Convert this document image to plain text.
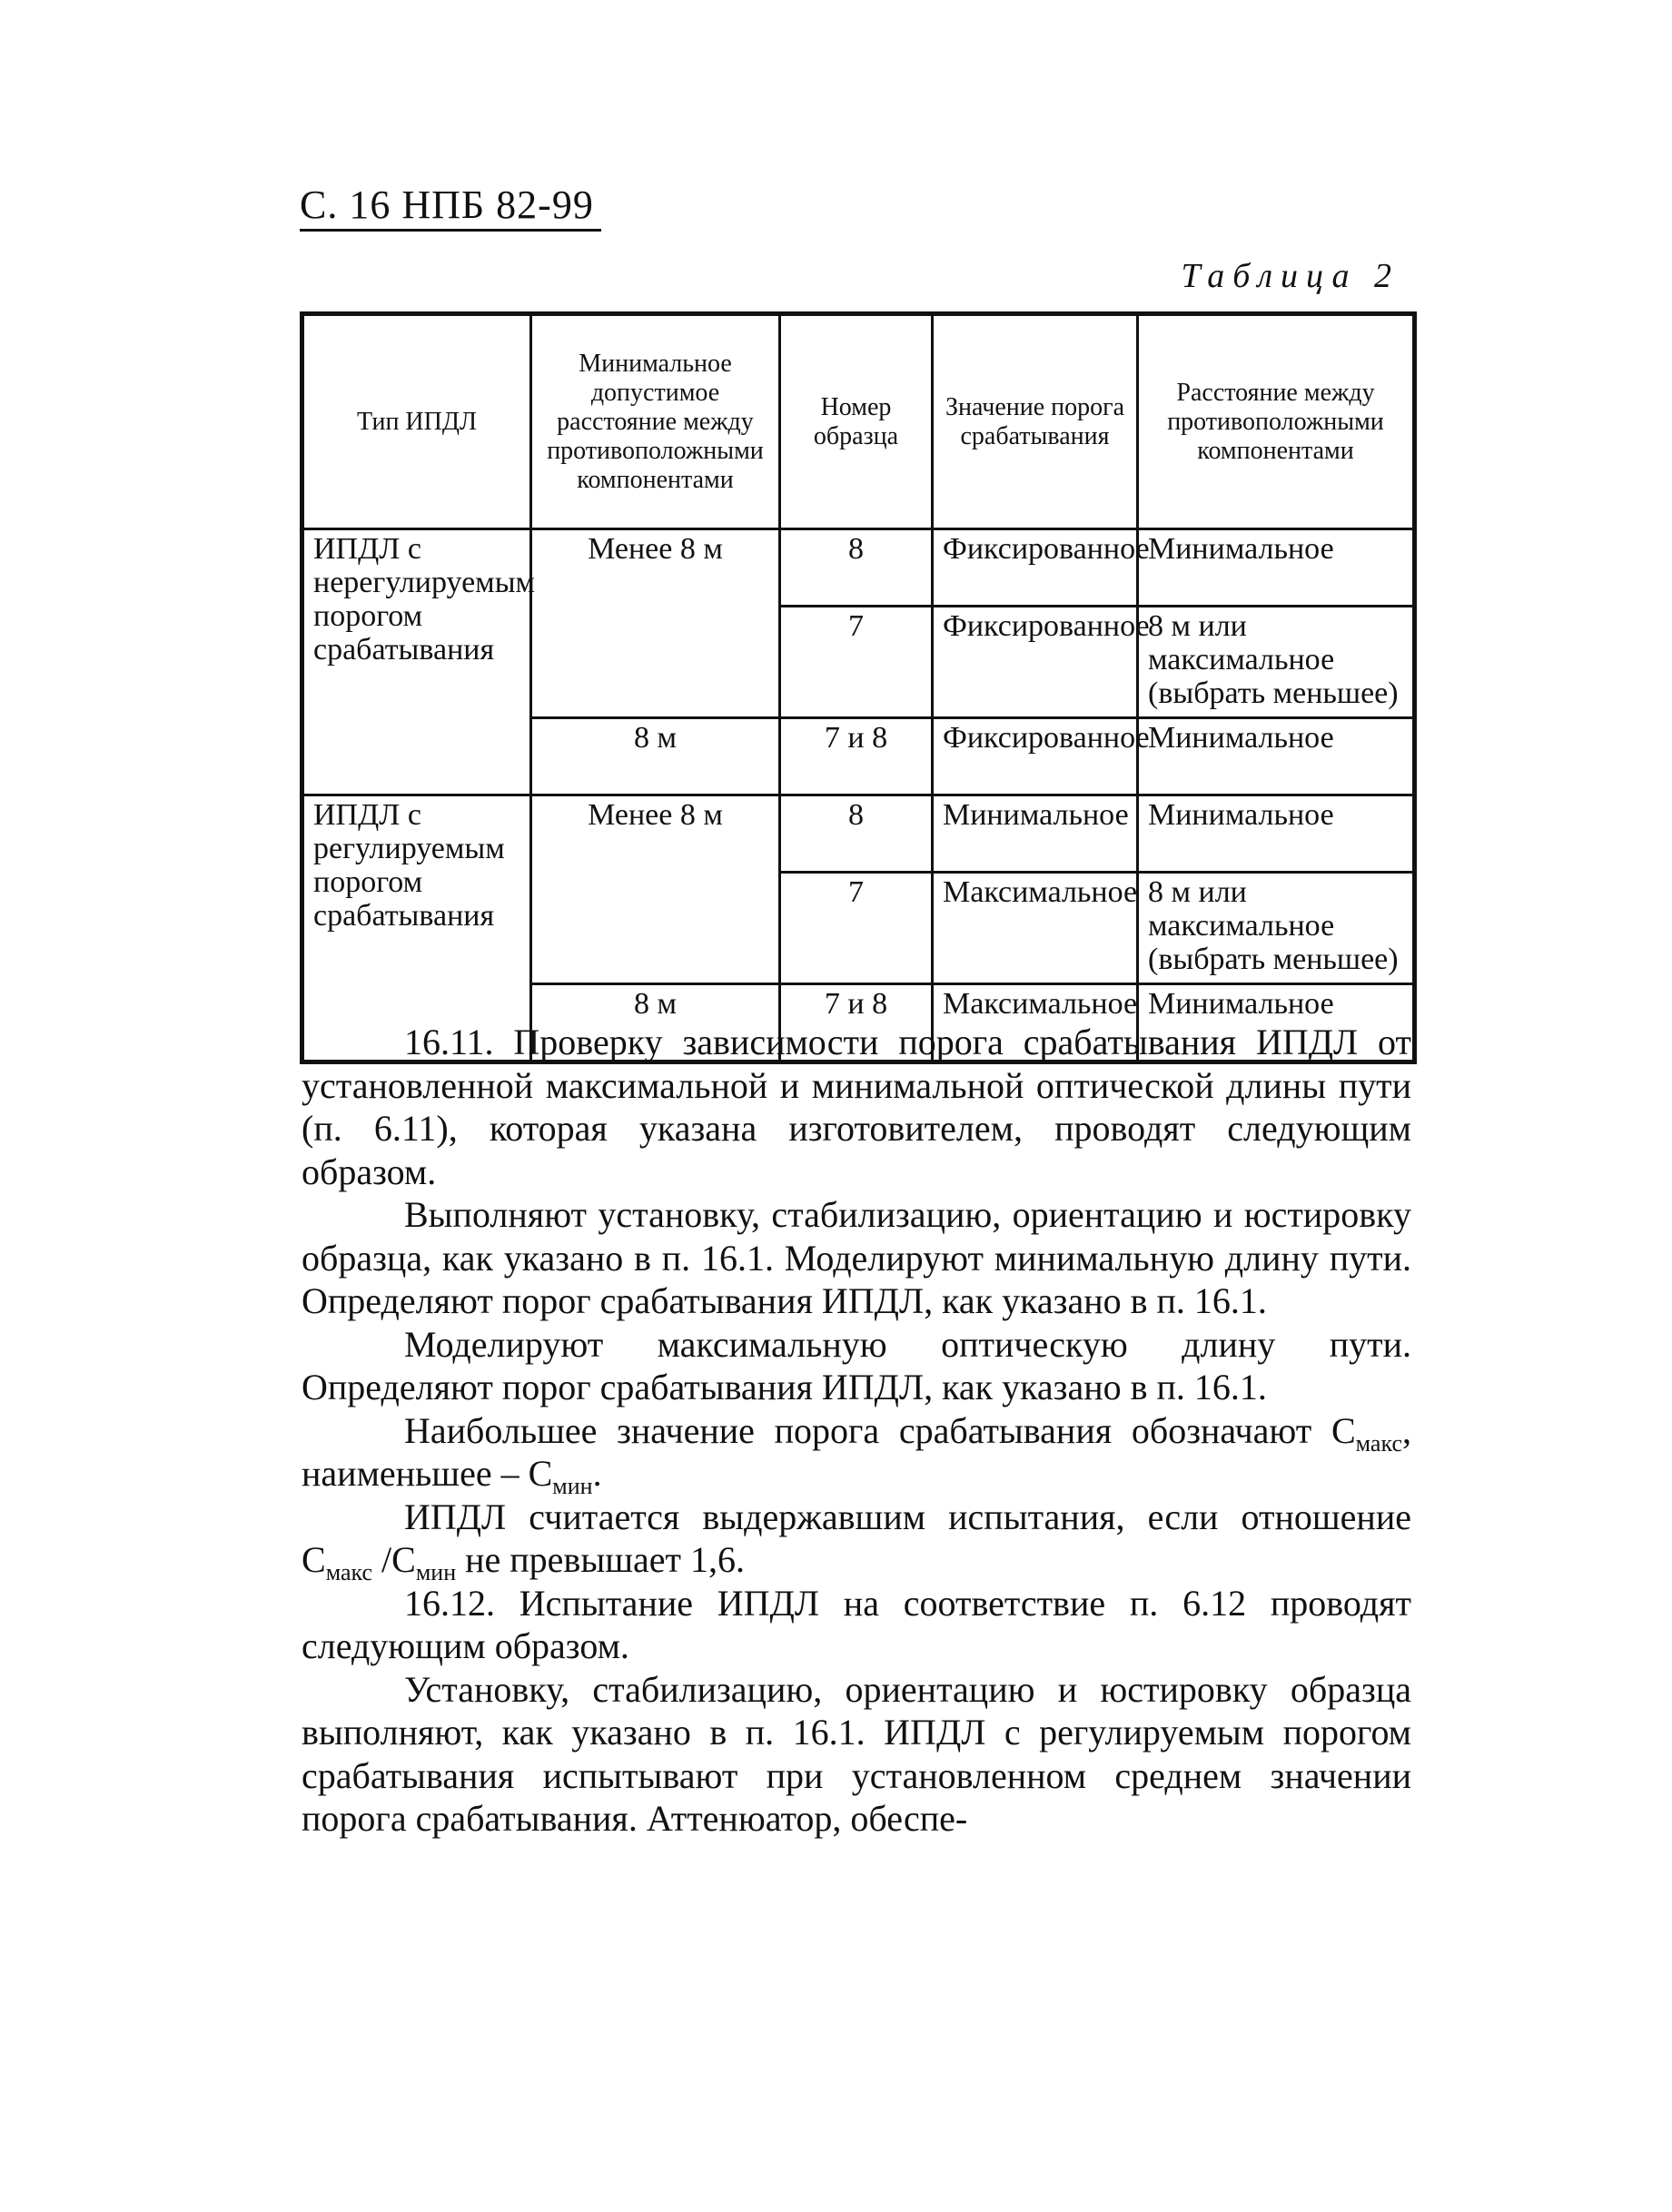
С. 16 НПБ 82-99
Таблица 2
Тип ИПДЛ	Минимальное допустимое расстояние между противоположными компонентами	Номер образца	Значение порога срабатывания	Расстояние между противоположными компонентами
ИПДЛ с нерегулируемым порогом срабатывания	Менее 8 м	8	Фиксированное	Минимальное
		7	Фиксированное	8 м или максимальное (выбрать меньшее)
	8 м	7 и 8	Фиксированное	Минимальное
ИПДЛ с регулируемым порогом срабатывания	Менее 8 м	8	Минимальное	Минимальное
		7	Максимальное	8 м или максимальное (выбрать меньшее)
	8 м	7 и 8	Максимальное	Минимальное

16.11. Проверку зависимости порога срабатывания ИПДЛ от установленной максимальной и минимальной оптической длины пути (п. 6.11), которая указана изготовителем, проводят следующим образом.

Выполняют установку, стабилизацию, ориентацию и юстировку образца, как указано в п. 16.1. Моделируют минимальную длину пути. Определяют порог срабатывания ИПДЛ, как указано в п. 16.1.

Моделируют максимальную оптическую длину пути. Определяют порог срабатывания ИПДЛ, как указано в п. 16.1.

Наибольшее значение порога срабатывания обозначают $C_{макс}$, наименьшее – $C_{мин}$.

ИПДЛ считается выдержавшим испытания, если отношение $C_{макс}$ $/C_{мин}$ не превышает 1,6.

16.12. Испытание ИПДЛ на соответствие п. 6.12 проводят следующим образом.

Установку, стабилизацию, ориентацию и юстировку образца выполняют, как указано в п. 16.1. ИПДЛ с регулируемым порогом срабатывания испытывают при установленном среднем значении порога срабатывания. Аттенюатор, обеспе-
